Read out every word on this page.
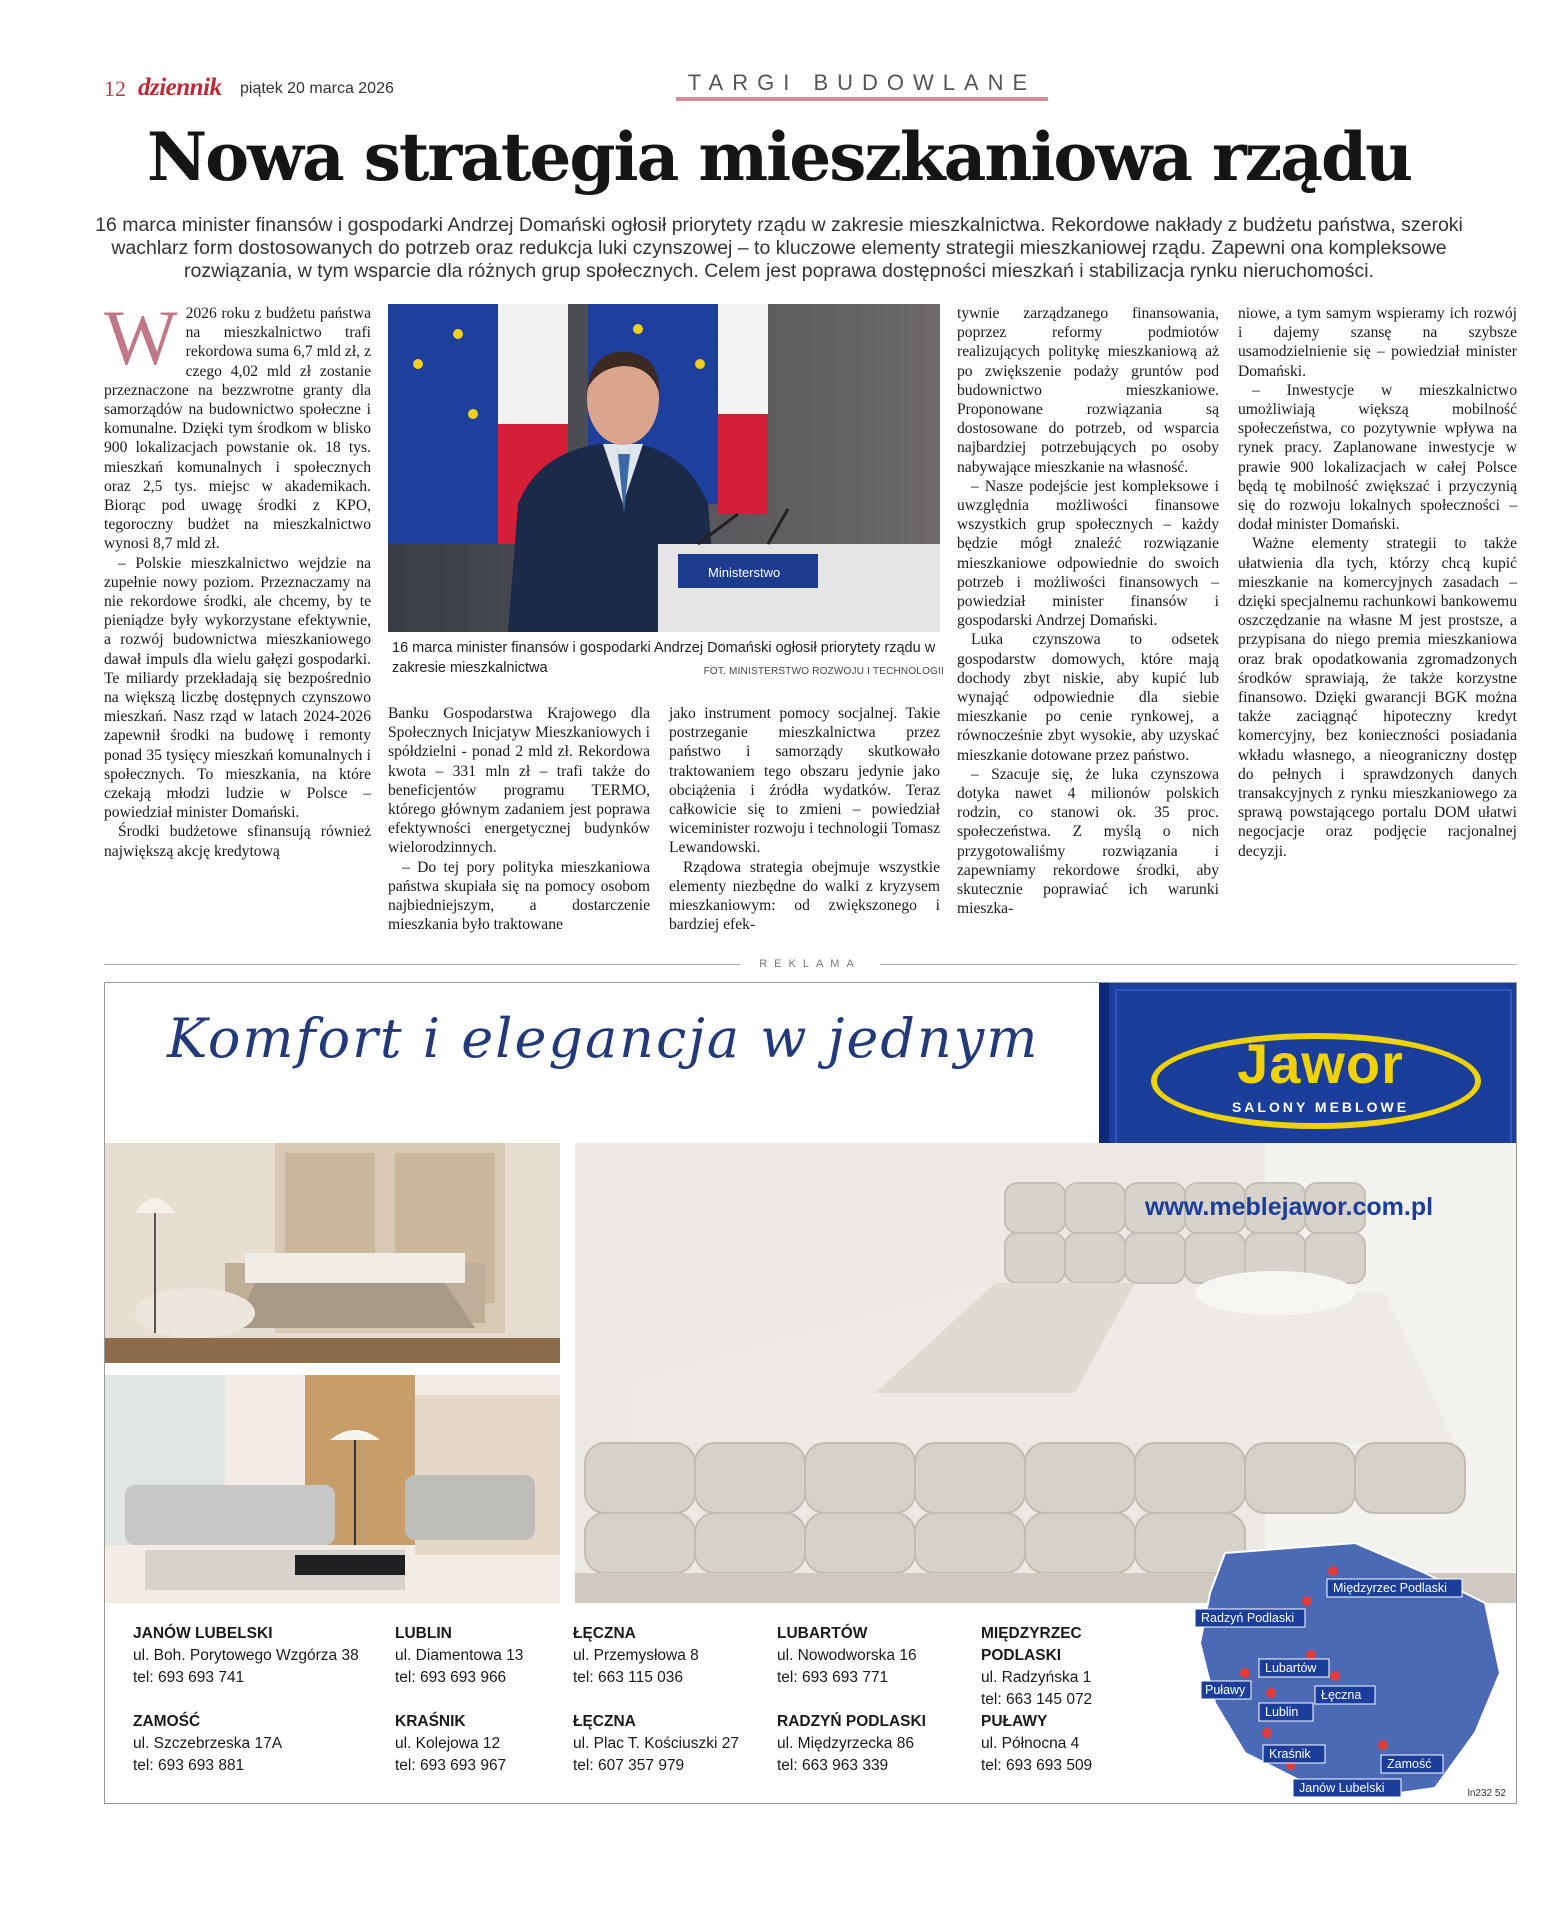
12 dziennik piątek 20 marca 2026	TARGI BUDOWLANE
Nowa strategia mieszkaniowa rządu

16 marca minister finansów i gospodarki Andrzej Domański ogłosił priorytety rządu w zakresie mieszkalnictwa. Rekordowe nakłady z budżetu państwa, szeroki wachlarz form dostosowanych do potrzeb oraz redukcja luki czynszowej – to kluczowe elementy strategii mieszkaniowej rządu. Zapewni ona kompleksowe rozwiązania, w tym wsparcie dla różnych grup społecznych. Celem jest poprawa dostępności mieszkań i stabilizacja rynku nieruchomości.

W 2026 roku z budżetu państwa na mieszkalnictwo trafi rekordowa suma 6,7 mld zł, z czego 4,02 mld zł zostanie przeznaczone na bezzwrotne granty dla samorządów na budownictwo społeczne i komunalne. Dzięki tym środkom w blisko 900 lokalizacjach powstanie ok. 18 tys. mieszkań komunalnych i społecznych oraz 2,5 tys. miejsc w akademikach. Biorąc pod uwagę środki z KPO, tegoroczny budżet na mieszkalnictwo wynosi 8,7 mld zł.

– Polskie mieszkalnictwo wejdzie na zupełnie nowy poziom. Przeznaczamy na nie rekordowe środki, ale chcemy, by te pieniądze były wykorzystane efektywnie, a rozwój budownictwa mieszkaniowego dawał impuls dla wielu gałęzi gospodarki. Te miliardy przekładają się bezpośrednio na większą liczbę dostępnych czynszowo mieszkań. Nasz rząd w latach 2024-2026 zapewnił środki na budowę i remonty ponad 35 tysięcy mieszkań komunalnych i społecznych. To mieszkania, na które czekają młodzi ludzie w Polsce – powiedział minister Domański.

Środki budżetowe sfinansują również największą akcję kredytową

Ministerstwo
16 marca minister finansów i gospodarki Andrzej Domański ogłosił priorytety rządu w zakresie mieszkalnictwa	FOT. MINISTERSTWO ROZWOJU I TECHNOLOGII

Banku Gospodarstwa Krajowego dla Społecznych Inicjatyw Mieszkaniowych i spółdzielni - ponad 2 mld zł. Rekordowa kwota – 331 mln zł – trafi także do beneficjentów programu TERMO, którego głównym zadaniem jest poprawa efektywności energetycznej budynków wielorodzinnych.

– Do tej pory polityka mieszkaniowa państwa skupiała się na pomocy osobom najbiedniejszym, a dostarczenie mieszkania było traktowane

jako instrument pomocy socjalnej. Takie postrzeganie mieszkalnictwa przez państwo i samorządy skutkowało traktowaniem tego obszaru jedynie jako obciążenia i źródła wydatków. Teraz całkowicie się to zmieni – powiedział wiceminister rozwoju i technologii Tomasz Lewandowski.

Rządowa strategia obejmuje wszystkie elementy niezbędne do walki z kryzysem mieszkaniowym: od zwiększonego i bardziej efek-

tywnie zarządzanego finansowania, poprzez reformy podmiotów realizujących politykę mieszkaniową aż po zwiększenie podaży gruntów pod budownictwo mieszkaniowe. Proponowane rozwiązania są dostosowane do potrzeb, od wsparcia najbardziej potrzebujących po osoby nabywające mieszkanie na własność.

– Nasze podejście jest kompleksowe i uwzględnia możliwości finansowe wszystkich grup społecznych – każdy będzie mógł znaleźć rozwiązanie mieszkaniowe odpowiednie do swoich potrzeb i możliwości finansowych – powiedział minister finansów i gospodarski Andrzej Domański.

Luka czynszowa to odsetek gospodarstw domowych, które mają dochody zbyt niskie, aby kupić lub wynająć odpowiednie dla siebie mieszkanie po cenie rynkowej, a równocześnie zbyt wysokie, aby uzyskać mieszkanie dotowane przez państwo.

– Szacuje się, że luka czynszowa dotyka nawet 4 milionów polskich rodzin, co stanowi ok. 35 proc. społeczeństwa. Z myślą o nich przygotowaliśmy rozwiązania i zapewniamy rekordowe środki, aby skutecznie poprawiać ich warunki mieszka-

niowe, a tym samym wspieramy ich rozwój i dajemy szansę na szybsze usamodzielnienie się – powiedział minister Domański.

– Inwestycje w mieszkalnictwo umożliwiają większą mobilność społeczeństwa, co pozytywnie wpływa na rynek pracy. Zaplanowane inwestycje w prawie 900 lokalizacjach w całej Polsce będą tę mobilność zwiększać i przyczynią się do rozwoju lokalnych społeczności – dodał minister Domański.

Ważne elementy strategii to także ułatwienia dla tych, którzy chcą kupić mieszkanie na komercyjnych zasadach – dzięki specjalnemu rachunkowi bankowemu oszczędzanie na własne M jest prostsze, a przypisana do niego premia mieszkaniowa oraz brak opodatkowania zgromadzonych środków sprawiają, że także korzystne finansowo. Dzięki gwarancji BGK można także zaciągnąć hipoteczny kredyt komercyjny, bez konieczności posiadania wkładu własnego, a nieograniczny dostęp do pełnych i sprawdzonych danych transakcyjnych z rynku mieszkaniowego za sprawą powstającego portalu DOM ułatwi negocjacje oraz podjęcie racjonalnej decyzji.

REKLAMA
Komfort i elegancja w jednym	Jawor
SALONY MEBLOWE
www.meblejawor.com.pl
JANÓW LUBELSKI
ul. Boh. Porytowego Wzgórza 38
tel: 693 693 741
LUBLIN
ul. Diamentowa 13
tel: 693 693 966
ŁĘCZNA
ul. Przemysłowa 8
tel: 663 115 036
LUBARTÓW
ul. Nowodworska 16
tel: 693 693 771
MIĘDZYRZEC PODLASKI
ul. Radzyńska 1
tel: 663 145 072
ZAMOŚĆ
ul. Szczebrzeska 17A
tel: 693 693 881
KRAŚNIK
ul. Kolejowa 12
tel: 693 693 967
ŁĘCZNA
ul. Plac T. Kościuszki 27
tel: 607 357 979
RADZYŃ PODLASKI
ul. Międzyrzecka 86
tel: 663 963 339
PUŁAWY
ul. Północna 4
tel: 693 693 509
Międzyrzec Podlaski
Radzyń Podlaski
Lubartów
Puławy	Łęczna
Lublin
Kraśnik
Zamość
Janów Lubelski	ln232 52
